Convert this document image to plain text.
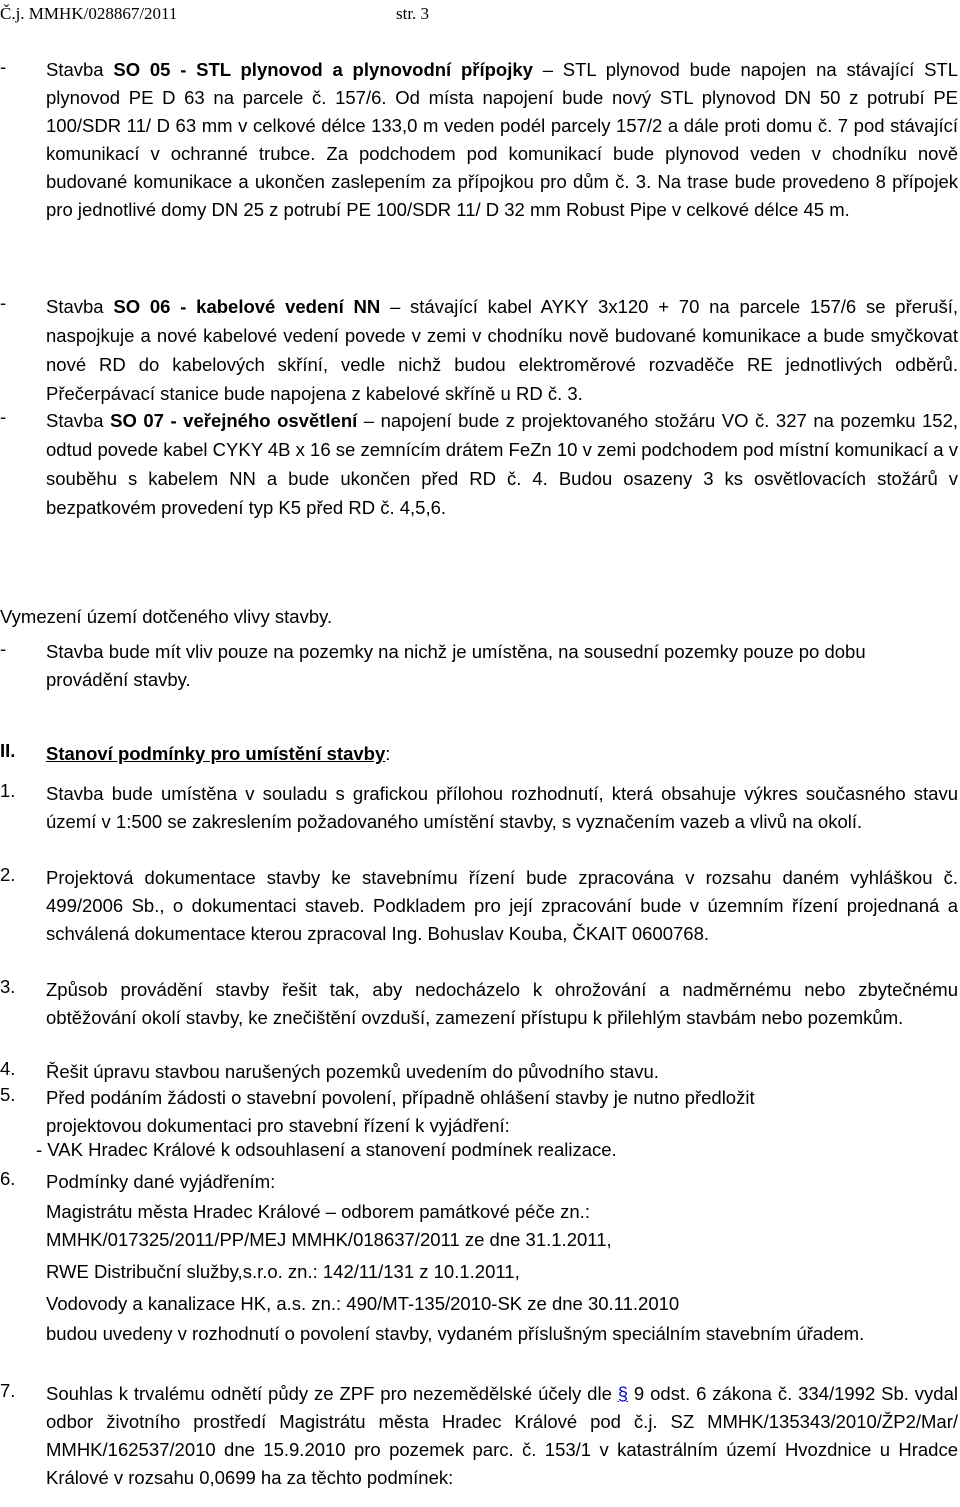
Č.j. MMHK/028867/2011	str. 3
- Stavba SO 05 - STL plynovod a plynovodní přípojky – STL plynovod bude napojen na stávající STL plynovod PE D 63 na parcele č. 157/6. Od místa napojení bude nový STL plynovod DN 50 z potrubí PE 100/SDR 11/ D 63 mm v celkové délce 133,0 m veden podél parcely 157/2 a dále proti domu č. 7 pod stávající komunikací v ochranné trubce. Za podchodem pod komunikací bude plynovod veden v chodníku nově budované komunikace a ukončen zaslepením za přípojkou pro dům č. 3. Na trase bude provedeno 8 přípojek pro jednotlivé domy DN 25 z potrubí PE 100/SDR 11/ D 32 mm Robust Pipe v celkové délce 45 m.
- Stavba SO 06 - kabelové vedení NN – stávající kabel AYKY 3x120 + 70 na parcele 157/6 se přeruší, naspojkuje a nové kabelové vedení povede v zemi v chodníku nově budované komunikace a bude smyčkovat nové RD do kabelových skříní, vedle nichž budou elektroměrové rozvaděče RE jednotlivých odběrů. Přečerpávací stanice bude napojena z kabelové skříně u RD č. 3.
- Stavba SO 07 - veřejného osvětlení – napojení bude z projektovaného stožáru VO č. 327 na pozemku 152, odtud povede kabel CYKY 4B x 16 se zemnícím drátem FeZn 10 v zemi podchodem pod místní komunikací a v souběhu s kabelem NN a bude ukončen před RD č. 4. Budou osazeny 3 ks osvětlovacích stožárů v bezpatkovém provedení typ K5 před RD č. 4,5,6.
Vymezení území dotčeného vlivy stavby.
- Stavba bude mít vliv pouze na pozemky na nichž je umístěna, na sousední pozemky pouze po dobu provádění stavby.
II. Stanoví podmínky pro umístění stavby:
1. Stavba bude umístěna v souladu s grafickou přílohou rozhodnutí, která obsahuje výkres současného stavu území v 1:500 se zakreslením požadovaného umístění stavby, s vyznačením vazeb a vlivů na okolí.
2. Projektová dokumentace stavby ke stavebnímu řízení bude zpracována v rozsahu daném vyhláškou č. 499/2006 Sb., o dokumentaci staveb. Podkladem pro její zpracování bude v územním řízení projednaná a schválená dokumentace kterou zpracoval Ing. Bohuslav Kouba, ČKAIT 0600768.
3. Způsob provádění stavby řešit tak, aby nedocházelo k ohrožování a nadměrnému nebo zbytečnému obtěžování okolí stavby, ke znečištění ovzduší, zamezení přístupu k přilehlým stavbám nebo pozemkům.
4. Řešit úpravu stavbou narušených pozemků uvedením do původního stavu.
5. Před podáním žádosti o stavební povolení, případně ohlášení stavby je nutno předložit
projektovou dokumentaci pro stavební řízení k vyjádření:
- VAK Hradec Králové k odsouhlasení a stanovení podmínek realizace.
6. Podmínky dané vyjádřením:
Magistrátu města Hradec Králové – odborem památkové péče zn.:
MMHK/017325/2011/PP/MEJ MMHK/018637/2011 ze dne 31.1.2011,
RWE Distribuční služby,s.r.o. zn.: 142/11/131 z 10.1.2011,
Vodovody a kanalizace HK, a.s. zn.: 490/MT-135/2010-SK ze dne 30.11.2010
budou uvedeny v rozhodnutí o povolení stavby, vydaném příslušným speciálním stavebním úřadem.
7. Souhlas k trvalému odnětí půdy ze ZPF pro nezemědělské účely dle § 9 odst. 6 zákona č. 334/1992 Sb. vydal odbor životního prostředí Magistrátu města Hradec Králové pod č.j. SZ MMHK/135343/2010/ŽP2/Mar/ MMHK/162537/2010 dne 15.9.2010 pro pozemek parc. č. 153/1 v katastrálním území Hvozdnice u Hradce Králové v rozsahu 0,0699 ha za těchto podmínek:
